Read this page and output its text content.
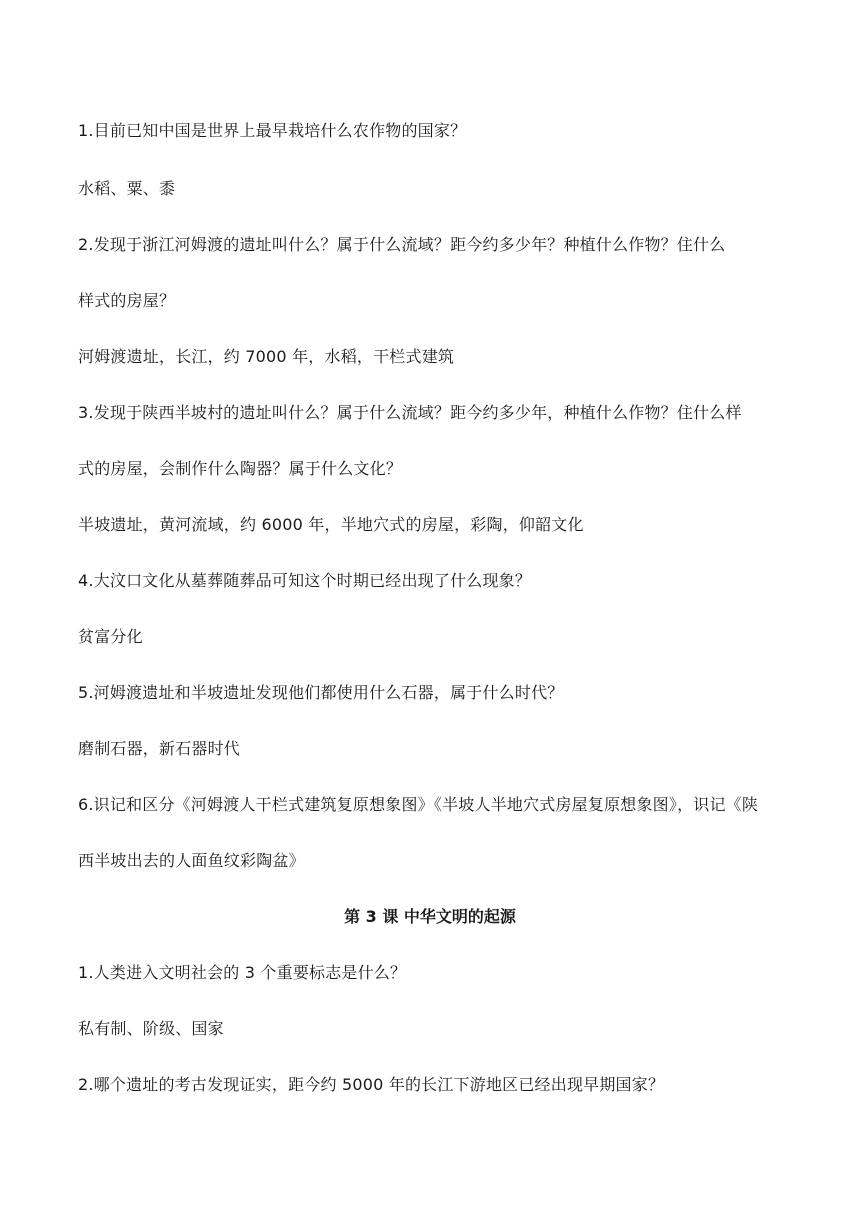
1.目前已知中国是世界上最早栽培什么农作物的国家？
水稻、粟、黍
2.发现于浙江河姆渡的遗址叫什么？属于什么流域？距今约多少年？种植什么作物？住什么
样式的房屋？
河姆渡遗址，长江，约 7000 年，水稻，干栏式建筑
3.发现于陕西半坡村的遗址叫什么？属于什么流域？距今约多少年，种植什么作物？住什么样
式的房屋，会制作什么陶器？属于什么文化？
半坡遗址，黄河流域，约 6000 年，半地穴式的房屋，彩陶，仰韶文化
4.大汶口文化从墓葬随葬品可知这个时期已经出现了什么现象？
贫富分化
5.河姆渡遗址和半坡遗址发现他们都使用什么石器，属于什么时代？
磨制石器，新石器时代
6.识记和区分《河姆渡人干栏式建筑复原想象图》《半坡人半地穴式房屋复原想象图》，识记《陕
西半坡出去的人面鱼纹彩陶盆》
第 3 课 中华文明的起源
1.人类进入文明社会的 3 个重要标志是什么？
私有制、阶级、国家
2.哪个遗址的考古发现证实，距今约 5000 年的长江下游地区已经出现早期国家？
